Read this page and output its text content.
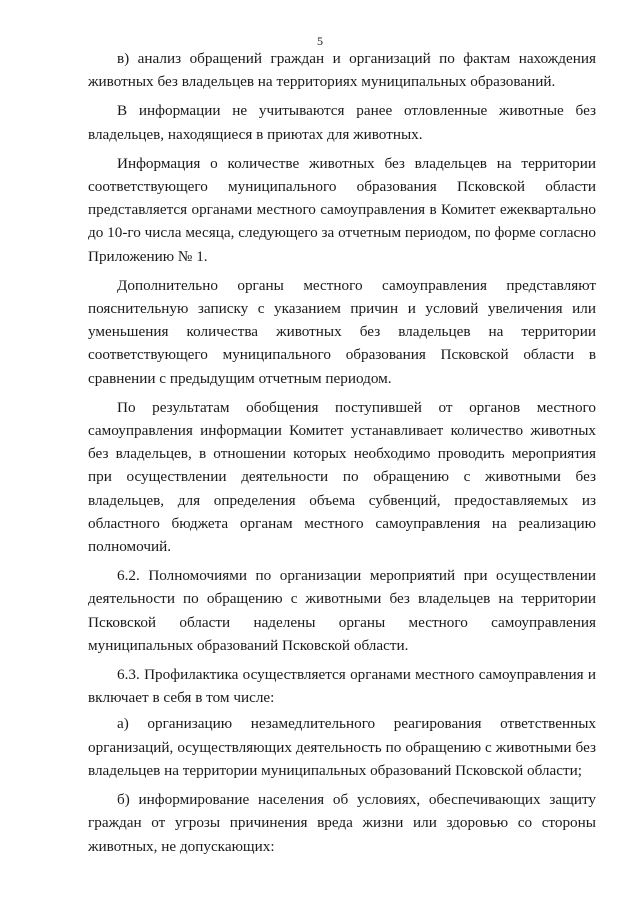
5

в) анализ обращений граждан и организаций по фактам нахождения животных без владельцев на территориях муниципальных образований.

В информации не учитываются ранее отловленные животные без владельцев, находящиеся в приютах для животных.

Информация о количестве животных без владельцев на территории соответствующего муниципального образования Псковской области представляется органами местного самоуправления в Комитет ежеквартально до 10-го числа месяца, следующего за отчетным периодом, по форме согласно Приложению № 1.

Дополнительно органы местного самоуправления представляют пояснительную записку с указанием причин и условий увеличения или уменьшения количества животных без владельцев на территории соответствующего муниципального образования Псковской области в сравнении с предыдущим отчетным периодом.

По результатам обобщения поступившей от органов местного самоуправления информации Комитет устанавливает количество животных без владельцев, в отношении которых необходимо проводить мероприятия при осуществлении деятельности по обращению с животными без владельцев, для определения объема субвенций, предоставляемых из областного бюджета органам местного самоуправления на реализацию полномочий.

6.2. Полномочиями по организации мероприятий при осуществлении деятельности по обращению с животными без владельцев на территории Псковской области наделены органы местного самоуправления муниципальных образований Псковской области.

6.3. Профилактика осуществляется органами местного самоуправления и включает в себя в том числе:

а) организацию незамедлительного реагирования ответственных организаций, осуществляющих деятельность по обращению с животными без владельцев на территории муниципальных образований Псковской области;

б) информирование населения об условиях, обеспечивающих защиту граждан от угрозы причинения вреда жизни или здоровью со стороны животных, не допускающих:
